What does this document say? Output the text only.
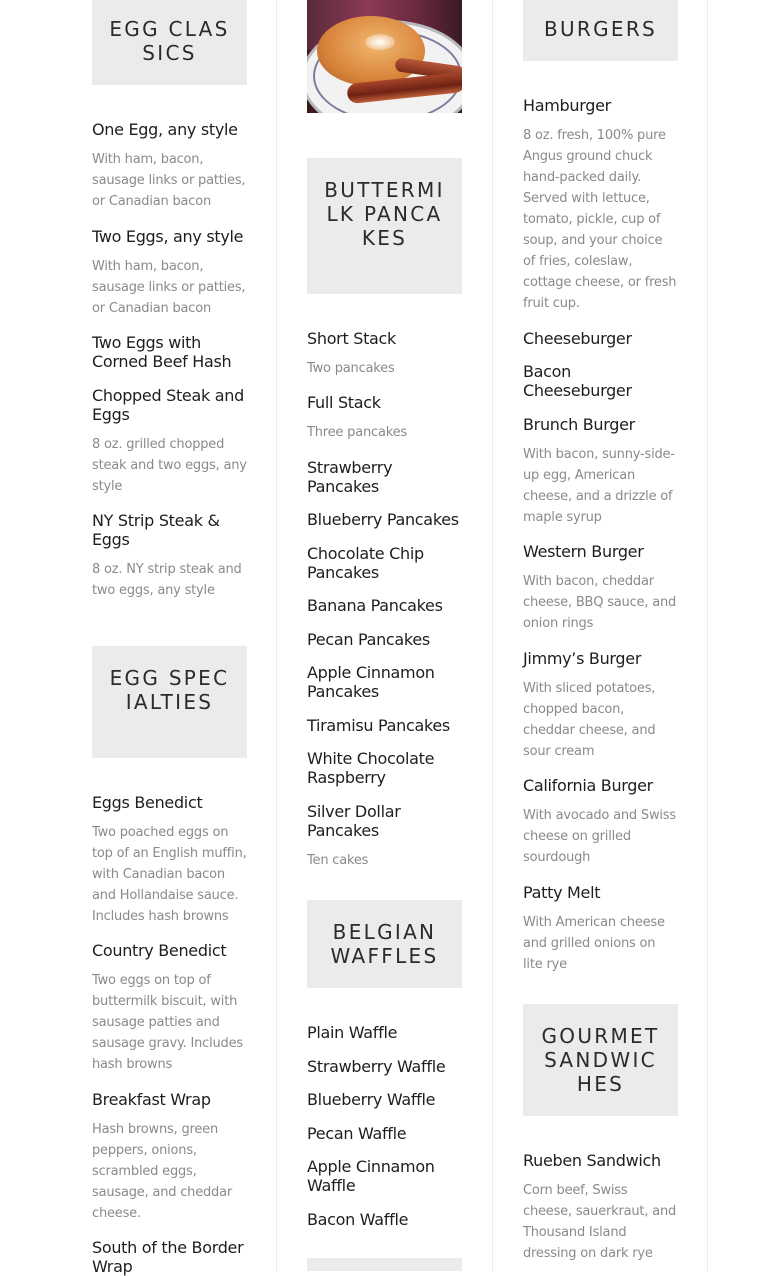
EGG CLASSICS
One Egg, any style
With ham, bacon, sausage links or patties, or Canadian bacon
Two Eggs, any style
With ham, bacon, sausage links or patties, or Canadian bacon
Two Eggs with Corned Beef Hash
Chopped Steak and Eggs
8 oz. grilled chopped steak and two eggs, any style
NY Strip Steak & Eggs
8 oz. NY strip steak and two eggs, any style
EGG SPECIALTIES
Eggs Benedict
Two poached eggs on top of an English muffin, with Canadian bacon and Hollandaise sauce. Includes hash browns
Country Benedict
Two eggs on top of buttermilk biscuit, with sausage patties and sausage gravy. Includes hash browns
Breakfast Wrap
Hash browns, green peppers, onions, scrambled eggs, sausage, and cheddar cheese.
South of the Border Wrap
BUTTERMILK PANCAKES
Short Stack
Two pancakes
Full Stack
Three pancakes
Strawberry Pancakes
Blueberry Pancakes
Chocolate Chip Pancakes
Banana Pancakes
Pecan Pancakes
Apple Cinnamon Pancakes
Tiramisu Pancakes
White Chocolate Raspberry
Silver Dollar Pancakes
Ten cakes
BELGIAN WAFFLES
Plain Waffle
Strawberry Waffle
Blueberry Waffle
Pecan Waffle
Apple Cinnamon Waffle
Bacon Waffle
BURGERS
Hamburger
8 oz. fresh, 100% pure Angus ground chuck hand-packed daily. Served with lettuce, tomato, pickle, cup of soup, and your choice of fries, coleslaw, cottage cheese, or fresh fruit cup.
Cheeseburger
Bacon Cheeseburger
Brunch Burger
With bacon, sunny-side-up egg, American cheese, and a drizzle of maple syrup
Western Burger
With bacon, cheddar cheese, BBQ sauce, and onion rings
Jimmy’s Burger
With sliced potatoes, chopped bacon, cheddar cheese, and sour cream
California Burger
With avocado and Swiss cheese on grilled sourdough
Patty Melt
With American cheese and grilled onions on lite rye
GOURMET SANDWICHES
Rueben Sandwich
Corn beef, Swiss cheese, sauerkraut, and Thousand Island dressing on dark rye
